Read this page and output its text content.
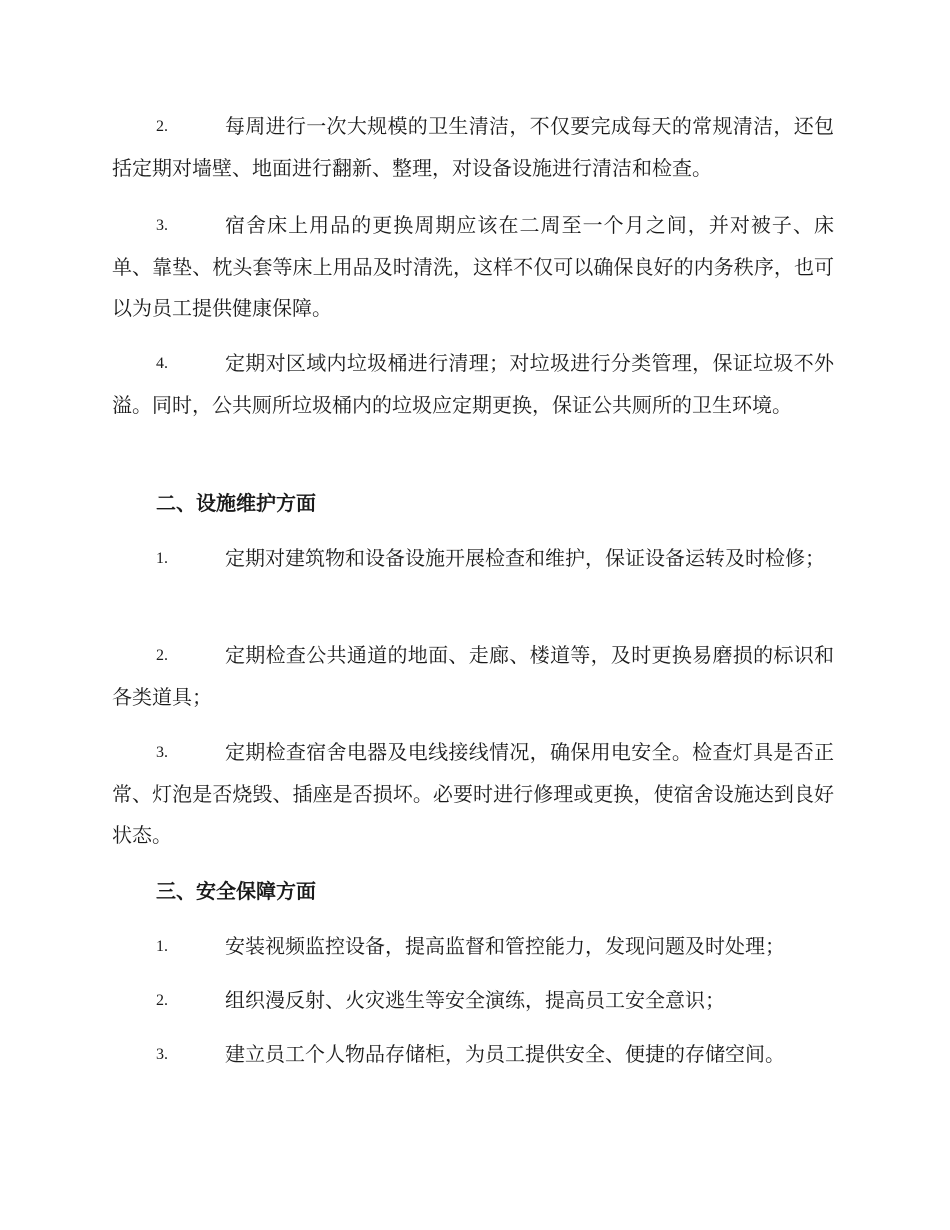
2.	每周进行一次大规模的卫生清洁，不仅要完成每天的常规清洁，还包括定期对墙壁、地面进行翻新、整理，对设备设施进行清洁和检查。
3.	宿舍床上用品的更换周期应该在二周至一个月之间，并对被子、床单、靠垫、枕头套等床上用品及时清洗，这样不仅可以确保良好的内务秩序，也可以为员工提供健康保障。
4.	定期对区域内垃圾桶进行清理；对垃圾进行分类管理，保证垃圾不外溢。同时，公共厕所垃圾桶内的垃圾应定期更换，保证公共厕所的卫生环境。
二、设施维护方面
1.	定期对建筑物和设备设施开展检查和维护，保证设备运转及时检修；
2.	定期检查公共通道的地面、走廊、楼道等，及时更换易磨损的标识和各类道具；
3.	定期检查宿舍电器及电线接线情况，确保用电安全。检查灯具是否正常、灯泡是否烧毁、插座是否损坏。必要时进行修理或更换，使宿舍设施达到良好状态。
三、安全保障方面
1.	安装视频监控设备，提高监督和管控能力，发现问题及时处理；
2.	组织漫反射、火灾逃生等安全演练，提高员工安全意识；
3.	建立员工个人物品存储柜，为员工提供安全、便捷的存储空间。
